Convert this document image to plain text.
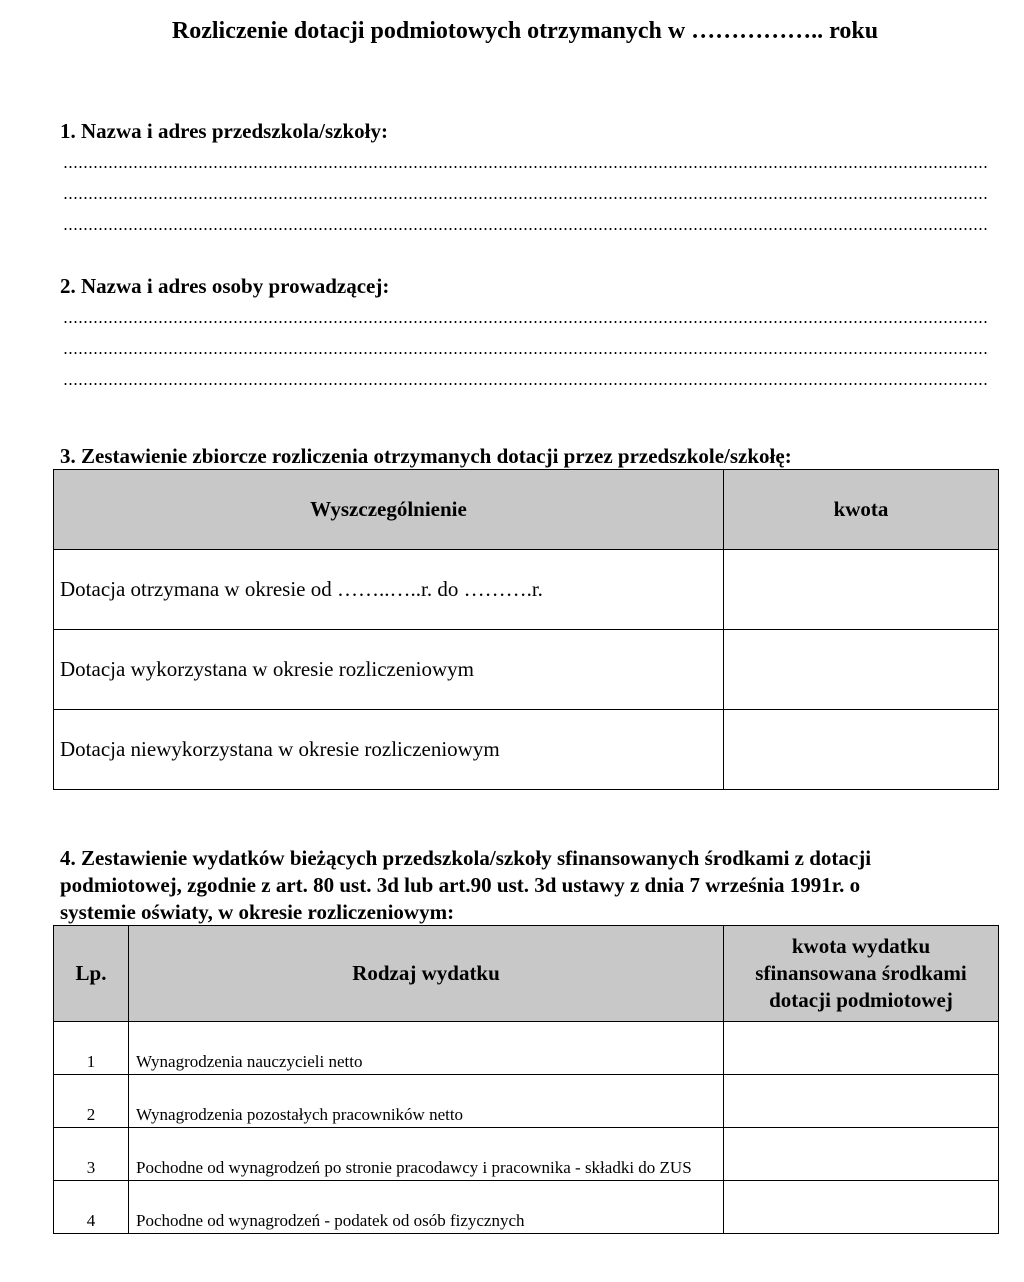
Rozliczenie dotacji podmiotowych otrzymanych w …………….. roku
1. Nazwa i adres przedszkola/szkoły:
2. Nazwa i adres osoby prowadzącej:
3. Zestawienie zbiorcze rozliczenia otrzymanych dotacji przez przedszkole/szkołę:
Wyszczególnienie	kwota
Dotacja otrzymana w okresie od ……..…..r. do ……….r.	
Dotacja wykorzystana w okresie rozliczeniowym	
Dotacja niewykorzystana w okresie rozliczeniowym	
4. Zestawienie wydatków bieżących przedszkola/szkoły sfinansowanych środkami z dotacji
podmiotowej, zgodnie z art. 80 ust. 3d lub art.90 ust. 3d ustawy z dnia 7 września 1991r. o
systemie oświaty, w okresie rozliczeniowym:
Lp.	Rodzaj wydatku	kwota wydatku
sfinansowana środkami
dotacji podmiotowej

1	Wynagrodzenia nauczycieli netto	
2	Wynagrodzenia pozostałych pracowników netto	
3	Pochodne od wynagrodzeń po stronie pracodawcy i pracownika - składki do ZUS	
4	Pochodne od wynagrodzeń - podatek od osób fizycznych	
